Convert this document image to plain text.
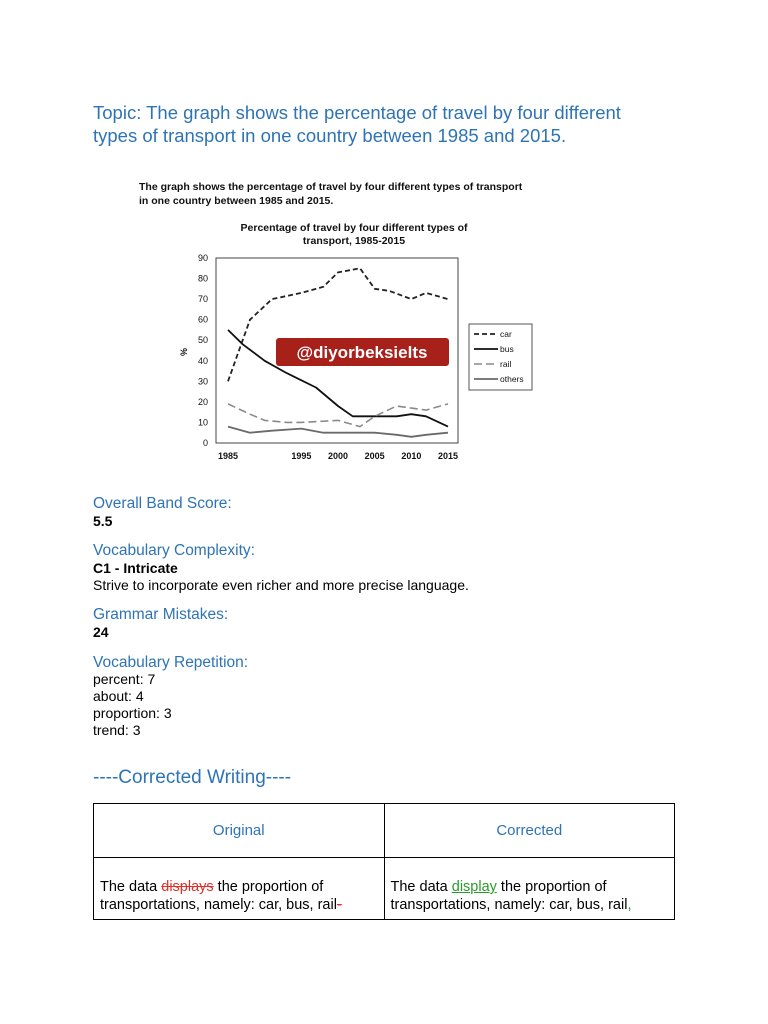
Topic: The graph shows the percentage of travel by four different types of transport in one country between 1985 and 2015.
The graph shows the percentage of travel by four different types of transport
in one country between 1985 and 2015.
Percentage of travel by four different types of
transport, 1985-2015
%
0
10
20
30
40
50
60
70
80
90
1985	1995 2000 2005 2010 2015
@diyorbeksielts
car
bus
rail
others

Overall Band Score:

5.5

Vocabulary Complexity:

C1 - Intricate

Strive to incorporate even richer and more precise language.

Grammar Mistakes:

24

Vocabulary Repetition:

percent: 7
about: 4
proportion: 3
trend: 3
----Corrected Writing----
Original	Corrected
The data displays the proportion of transportations, namely: car, bus, rail-	The data display the proportion of transportations, namely: car, bus, rail,
